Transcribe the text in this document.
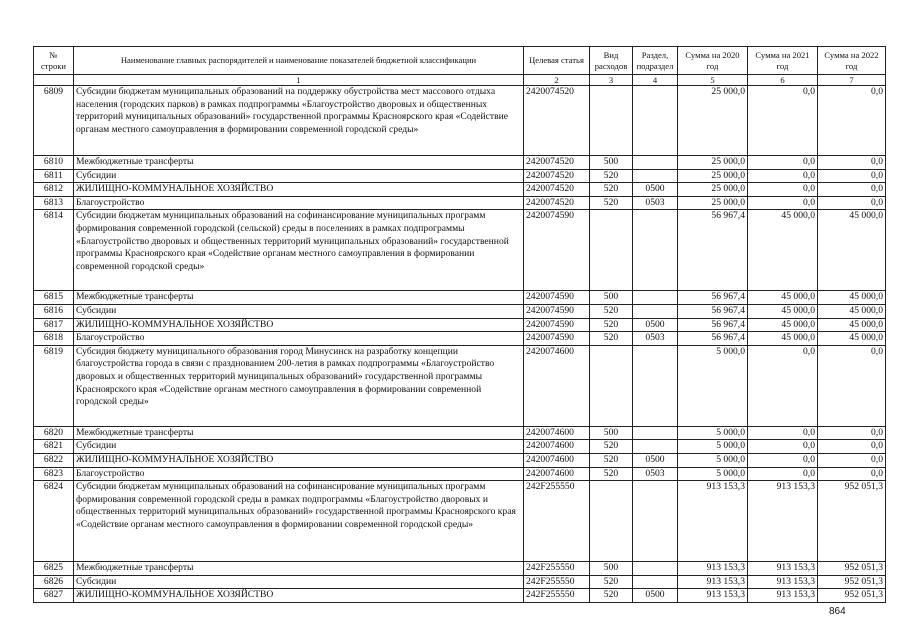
№ строки	Наименование главных распорядителей и наименование показателей бюджетной классификации	Целевая статья	Вид расходов	Раздел, подраздел	Сумма на 2020 год	Сумма на 2021 год	Сумма на 2022 год
	1	2	3	4	5	6	7
6809	Субсидии бюджетам муниципальных образований на поддержку обустройства мест массового отдыха населения (городских парков) в рамках подпрограммы «Благоустройство дворовых и общественных территорий муниципальных образований» государственной программы Красноярского края «Содействие органам местного самоуправления в формировании современной городской среды»	2420074520			25 000,0	0,0	0,0
6810	Межбюджетные трансферты	2420074520	500		25 000,0	0,0	0,0
6811	Субсидии	2420074520	520		25 000,0	0,0	0,0
6812	ЖИЛИЩНО-КОММУНАЛЬНОЕ ХОЗЯЙСТВО	2420074520	520	0500	25 000,0	0,0	0,0
6813	Благоустройство	2420074520	520	0503	25 000,0	0,0	0,0
6814	Субсидии бюджетам муниципальных образований на софинансирование муниципальных программ формирования современной городской (сельской) среды в поселениях в рамках подпрограммы «Благоустройство дворовых и общественных территорий муниципальных образований» государственной программы Красноярского края «Содействие органам местного самоуправления в формировании современной городской среды»	2420074590			56 967,4	45 000,0	45 000,0
6815	Межбюджетные трансферты	2420074590	500		56 967,4	45 000,0	45 000,0
6816	Субсидии	2420074590	520		56 967,4	45 000,0	45 000,0
6817	ЖИЛИЩНО-КОММУНАЛЬНОЕ ХОЗЯЙСТВО	2420074590	520	0500	56 967,4	45 000,0	45 000,0
6818	Благоустройство	2420074590	520	0503	56 967,4	45 000,0	45 000,0
6819	Субсидия бюджету муниципального образования город Минусинск на разработку концепции благоустройства города в связи с празднованием 200-летия в рамках подпрограммы «Благоустройство дворовых и общественных территорий муниципальных образований» государственной программы Красноярского края «Содействие органам местного самоуправления в формировании современной городской среды»	2420074600			5 000,0	0,0	0,0
6820	Межбюджетные трансферты	2420074600	500		5 000,0	0,0	0,0
6821	Субсидии	2420074600	520		5 000,0	0,0	0,0
6822	ЖИЛИЩНО-КОММУНАЛЬНОЕ ХОЗЯЙСТВО	2420074600	520	0500	5 000,0	0,0	0,0
6823	Благоустройство	2420074600	520	0503	5 000,0	0,0	0,0
6824	Субсидии бюджетам муниципальных образований на софинансирование муниципальных программ формирования современной городской среды в рамках подпрограммы «Благоустройство дворовых и общественных территорий муниципальных образований» государственной программы Красноярского края «Содействие органам местного самоуправления в формировании современной городской среды»	242F255550			913 153,3	913 153,3	952 051,3
6825	Межбюджетные трансферты	242F255550	500		913 153,3	913 153,3	952 051,3
6826	Субсидии	242F255550	520		913 153,3	913 153,3	952 051,3
6827	ЖИЛИЩНО-КОММУНАЛЬНОЕ ХОЗЯЙСТВО	242F255550	520	0500	913 153,3	913 153,3	952 051,3
864
